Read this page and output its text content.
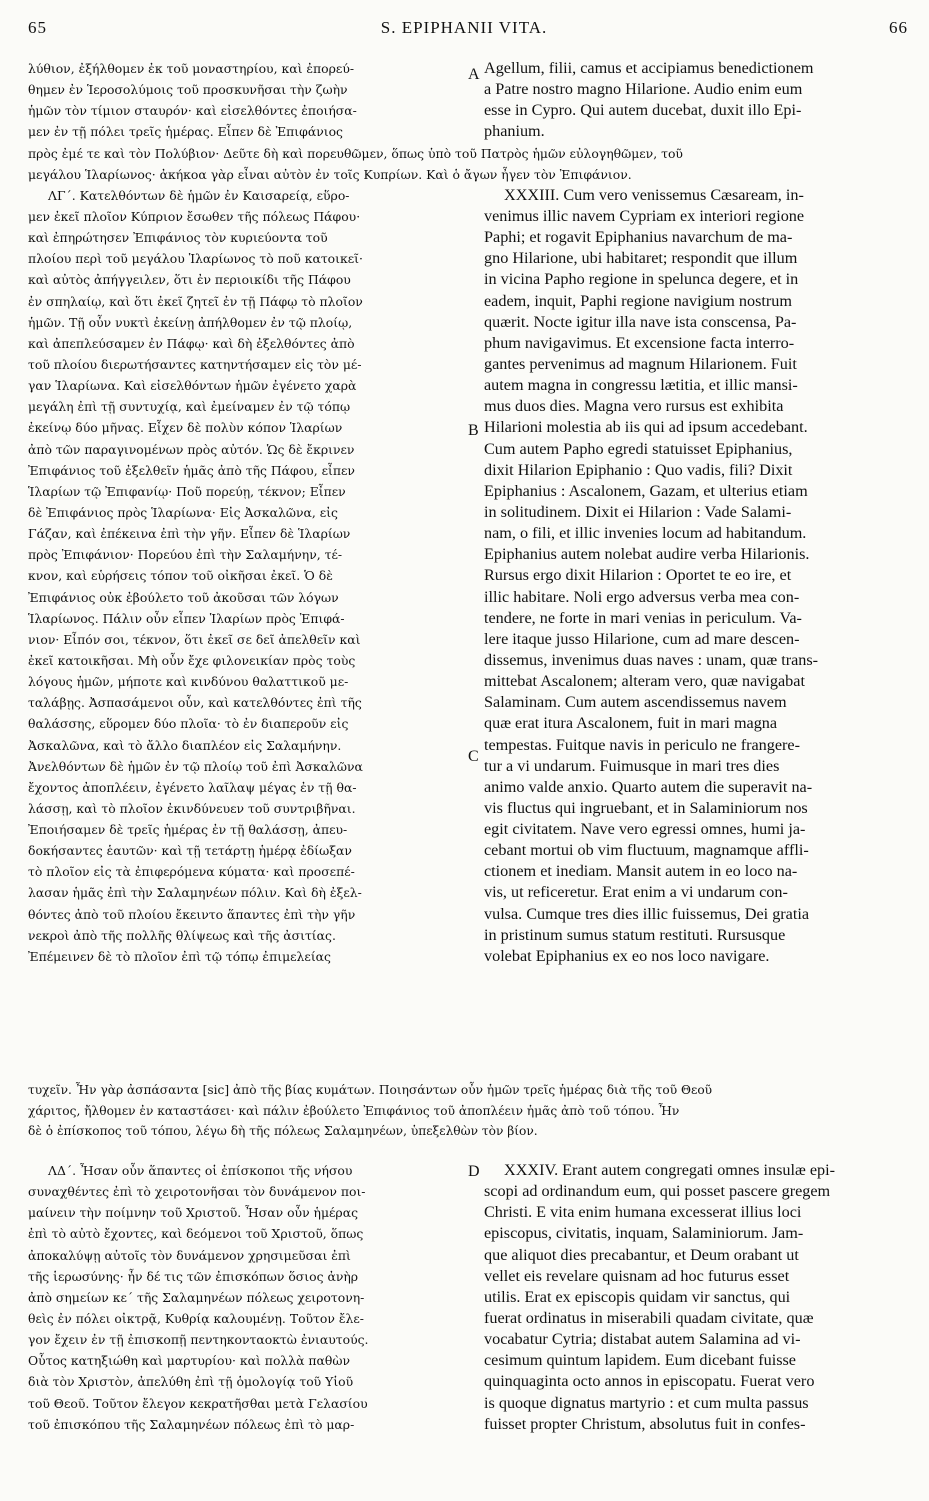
65	S. EPIPHANII VITA.	66
λύθιον, ἐξήλθομεν ἐκ τοῦ μοναστηρίου, καὶ ἐπορεύ-
θημεν ἐν Ἱεροσολύμοις τοῦ προσκυνῆσαι τὴν ζωὴν
ἡμῶν τὸν τίμιον σταυρόν· καὶ εἰσελθόντες ἐποιήσα-
μεν ἐν τῇ πόλει τρεῖς ἡμέρας. Εἶπεν δὲ Ἐπιφάνιος
πρὸς ἐμέ τε καὶ τὸν Πολύβιον· Δεῦτε δὴ καὶ πορευθῶμεν, ὅπως ὑπὸ τοῦ Πατρὸς ἡμῶν εὐλογηθῶμεν, τοῦ
μεγάλου Ἱλαρίωνος· ἀκήκοα γὰρ εἶναι αὐτὸν ἐν τοῖς Κυπρίων. Καὶ ὁ ἄγων ἦγεν τὸν Ἐπιφάνιον.
ΛΓ΄. Κατελθόντων δὲ ἡμῶν ἐν Καισαρείᾳ, εὕρο-
μεν ἐκεῖ πλοῖον Κύπριον ἔσωθεν τῆς πόλεως Πάφου·
καὶ ἐπηρώτησεν Ἐπιφάνιος τὸν κυριεύοντα τοῦ
πλοίου περὶ τοῦ μεγάλου Ἱλαρίωνος τὸ ποῦ κατοικεῖ·
καὶ αὐτὸς ἀπήγγειλεν, ὅτι ἐν περιοικίδι τῆς Πάφου
ἐν σπηλαίῳ, καὶ ὅτι ἐκεῖ ζητεῖ ἐν τῇ Πάφῳ τὸ πλοῖον
ἡμῶν. Τῇ οὖν νυκτὶ ἐκείνῃ ἀπήλθομεν ἐν τῷ πλοίῳ,
καὶ ἀπεπλεύσαμεν ἐν Πάφῳ· καὶ δὴ ἐξελθόντες ἀπὸ
τοῦ πλοίου διερωτήσαντες κατηντήσαμεν εἰς τὸν μέ-
γαν Ἱλαρίωνα. Καὶ εἰσελθόντων ἡμῶν ἐγένετο χαρὰ
μεγάλη ἐπὶ τῇ συντυχίᾳ, καὶ ἐμείναμεν ἐν τῷ τόπῳ
ἐκείνῳ δύο μῆνας. Εἶχεν δὲ πολὺν κόπον Ἱλαρίων
ἀπὸ τῶν παραγινομένων πρὸς αὐτόν. Ὡς δὲ ἔκρινεν
Ἐπιφάνιος τοῦ ἐξελθεῖν ἡμᾶς ἀπὸ τῆς Πάφου, εἶπεν
Ἱλαρίων τῷ Ἐπιφανίῳ· Ποῦ πορεύῃ, τέκνον; Εἶπεν
δὲ Ἐπιφάνιος πρὸς Ἱλαρίωνα· Εἰς Ἀσκαλῶνα, εἰς
Γάζαν, καὶ ἐπέκεινα ἐπὶ τὴν γῆν. Εἶπεν δὲ Ἱλαρίων
πρὸς Ἐπιφάνιον· Πορεύου ἐπὶ τὴν Σαλαμήνην, τέ-
κνον, καὶ εὑρήσεις τόπον τοῦ οἰκῆσαι ἐκεῖ. Ὁ δὲ
Ἐπιφάνιος οὐκ ἐβούλετο τοῦ ἀκοῦσαι τῶν λόγων
Ἱλαρίωνος. Πάλιν οὖν εἶπεν Ἱλαρίων πρὸς Ἐπιφά-
νιον· Εἶπόν σοι, τέκνον, ὅτι ἐκεῖ σε δεῖ ἀπελθεῖν καὶ
ἐκεῖ κατοικῆσαι. Μὴ οὖν ἔχε φιλονεικίαν πρὸς τοὺς
λόγους ἡμῶν, μήποτε καὶ κινδύνου θαλαττικοῦ με-
ταλάβῃς. Ἀσπασάμενοι οὖν, καὶ κατελθόντες ἐπὶ τῆς
θαλάσσης, εὕρομεν δύο πλοῖα· τὸ ἐν διαπεροῦν εἰς
Ἀσκαλῶνα, καὶ τὸ ἄλλο διαπλέον εἰς Σαλαμήνην.
Ἀνελθόντων δὲ ἡμῶν ἐν τῷ πλοίῳ τοῦ ἐπὶ Ἀσκαλῶνα
ἔχοντος ἀποπλέειν, ἐγένετο λαῖλαψ μέγας ἐν τῇ θα-
λάσσῃ, καὶ τὸ πλοῖον ἐκινδύνευεν τοῦ συντριβῆναι.
Ἐποιήσαμεν δὲ τρεῖς ἡμέρας ἐν τῇ θαλάσσῃ, ἀπευ-
δοκήσαντες ἑαυτῶν· καὶ τῇ τετάρτῃ ἡμέρᾳ ἐδίωξαν
τὸ πλοῖον εἰς τὰ ἐπιφερόμενα κύματα· καὶ προσεπέ-
λασαν ἡμᾶς ἐπὶ τὴν Σαλαμηνέων πόλιν. Καὶ δὴ ἐξελ-
θόντες ἀπὸ τοῦ πλοίου ἔκειντο ἅπαντες ἐπὶ τὴν γῆν
νεκροὶ ἀπὸ τῆς πολλῆς θλίψεως καὶ τῆς ἀσιτίας.
Ἐπέμεινεν δὲ τὸ πλοῖον ἐπὶ τῷ τόπῳ ἐπιμελείας
Agellum, filii, camus et accipiamus benedictionem
a Patre nostro magno Hilarione. Audio enim eum
esse in Cypro. Qui autem ducebat, duxit illo Epi-
phanium.
XXXIII. Cum vero venissemus Cæsaream, in-
venimus illic navem Cypriam ex interiori regione
Paphi; et rogavit Epiphanius navarchum de ma-
gno Hilarione, ubi habitaret; respondit que illum
in vicina Papho regione in spelunca degere, et in
eadem, inquit, Paphi regione navigium nostrum
quærit. Nocte igitur illa nave ista conscensa, Pa-
phum navigavimus. Et excensione facta interro-
gantes pervenimus ad magnum Hilarionem. Fuit
autem magna in congressu lætitia, et illic mansi-
mus duos dies. Magna vero rursus est exhibita
Hilarioni molestia ab iis qui ad ipsum accedebant.
Cum autem Papho egredi statuisset Epiphanius,
dixit Hilarion Epiphanio : Quo vadis, fili? Dixit
Epiphanius : Ascalonem, Gazam, et ulterius etiam
in solitudinem. Dixit ei Hilarion : Vade Salami-
nam, o fili, et illic invenies locum ad habitandum.
Epiphanius autem nolebat audire verba Hilarionis.
Rursus ergo dixit Hilarion : Oportet te eo ire, et
illic habitare. Noli ergo adversus verba mea con-
tendere, ne forte in mari venias in periculum. Va-
lere itaque jusso Hilarione, cum ad mare descen-
dissemus, invenimus duas naves : unam, quæ trans-
mittebat Ascalonem; alteram vero, quæ navigabat
Salaminam. Cum autem ascendissemus navem
quæ erat itura Ascalonem, fuit in mari magna
tempestas. Fuitque navis in periculo ne frangere-
tur a vi undarum. Fuimusque in mari tres dies
animo valde anxio. Quarto autem die superavit na-
vis fluctus qui ingruebant, et in Salaminiorum nos
egit civitatem. Nave vero egressi omnes, humi ja-
cebant mortui ob vim fluctuum, magnamque affli-
ctionem et inediam. Mansit autem in eo loco na-
vis, ut reficeretur. Erat enim a vi undarum con-
vulsa. Cumque tres dies illic fuissemus, Dei gratia
in pristinum sumus statum restituti. Rursusque
volebat Epiphanius ex eo nos loco navigare.
A
B
C
D
τυχεῖν. Ἦν γὰρ ἀσπάσαντα [sic] ἀπὸ τῆς βίας κυμάτων. Ποιησάντων οὖν ἡμῶν τρεῖς ἡμέρας διὰ τῆς τοῦ Θεοῦ
χάριτος, ἤλθομεν ἐν καταστάσει· καὶ πάλιν ἐβούλετο Ἐπιφάνιος τοῦ ἀποπλέειν ἡμᾶς ἀπὸ τοῦ τόπου. Ἦν
δὲ ὁ ἐπίσκοπος τοῦ τόπου, λέγω δὴ τῆς πόλεως Σαλαμηνέων, ὑπεξελθὼν τὸν βίον.
ΛΔ΄. Ἦσαν οὖν ἅπαντες οἱ ἐπίσκοποι τῆς νήσου
συναχθέντες ἐπὶ τὸ χειροτονῆσαι τὸν δυνάμενον ποι-
μαίνειν τὴν ποίμνην τοῦ Χριστοῦ. Ἦσαν οὖν ἡμέρας
ἐπὶ τὸ αὐτὸ ἔχοντες, καὶ δεόμενοι τοῦ Χριστοῦ, ὅπως
ἀποκαλύψῃ αὐτοῖς τὸν δυνάμενον χρησιμεῦσαι ἐπὶ
τῆς ἱερωσύνης· ἦν δέ τις τῶν ἐπισκόπων ὅσιος ἀνὴρ
ἀπὸ σημείων κε΄ τῆς Σαλαμηνέων πόλεως χειροτονη-
θεὶς ἐν πόλει οἰκτρᾷ, Κυθρίᾳ καλουμένῃ. Τοῦτον ἔλε-
γον ἔχειν ἐν τῇ ἐπισκοπῇ πεντηκονταοκτὼ ἐνιαυτούς.
Οὗτος κατηξιώθη καὶ μαρτυρίου· καὶ πολλὰ παθὼν
διὰ τὸν Χριστὸν, ἀπελύθη ἐπὶ τῇ ὁμολογίᾳ τοῦ Υἱοῦ
τοῦ Θεοῦ. Τοῦτον ἔλεγον κεκρατῆσθαι μετὰ Γελασίου
τοῦ ἐπισκόπου τῆς Σαλαμηνέων πόλεως ἐπὶ τὸ μαρ-
XXXIV. Erant autem congregati omnes insulæ epi-
scopi ad ordinandum eum, qui posset pascere gregem
Christi. E vita enim humana excesserat illius loci
episcopus, civitatis, inquam, Salaminiorum. Jam-
que aliquot dies precabantur, et Deum orabant ut
vellet eis revelare quisnam ad hoc futurus esset
utilis. Erat ex episcopis quidam vir sanctus, qui
fuerat ordinatus in miserabili quadam civitate, quæ
vocabatur Cytria; distabat autem Salamina ad vi-
cesimum quintum lapidem. Eum dicebant fuisse
quinquaginta octo annos in episcopatu. Fuerat vero
is quoque dignatus martyrio : et cum multa passus
fuisset propter Christum, absolutus fuit in confes-
